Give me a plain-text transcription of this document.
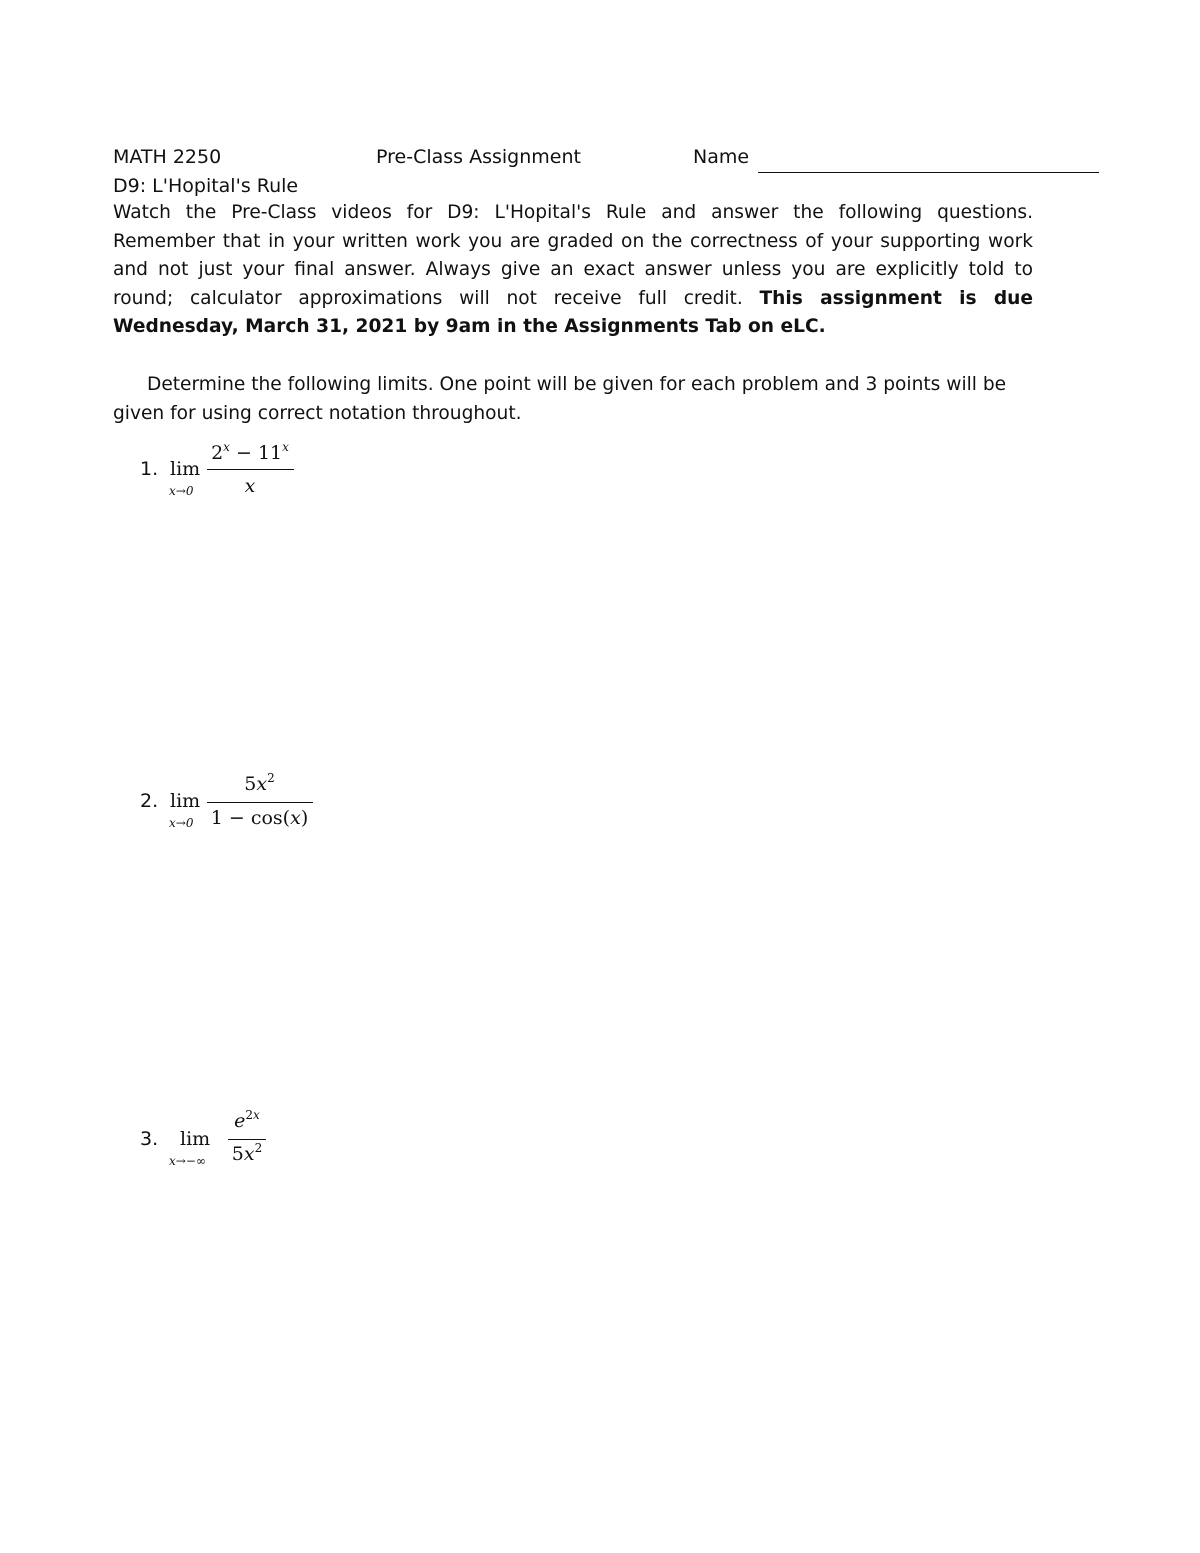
MATH 2250	Pre-Class Assignment	Name
D9: L'Hopital's Rule
Watch the Pre-Class videos for D9: L'Hopital's Rule and answer the following questions. Remember that in your written work you are graded on the correctness of your supporting work and not just your final answer. Always give an exact answer unless you are explicitly told to round; calculator approximations will not receive full credit. This assignment is due Wednesday, March 31, 2021 by 9am in the Assignments Tab on eLC.
Determine the following limits. One point will be given for each problem and 3 points will be given for using correct notation throughout.
1. lim
x→0
$2^x - 11^x$
x
2. lim
x→0
$5x^2$
1 − cos(x)
3. lim
x→−∞
$e^{2x}$
$5x^2$
